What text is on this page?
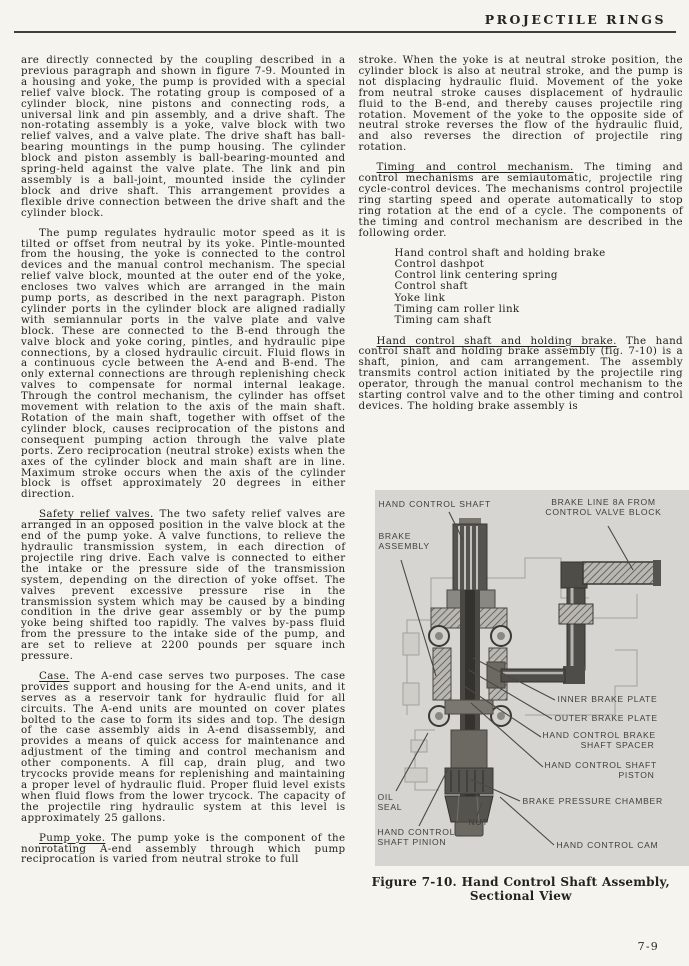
PROJECTILE RINGS

are directly connected by the coupling described in a previous paragraph and shown in figure 7-9. Mounted in a housing and yoke, the pump is provided with a special relief valve block. The rotating group is composed of a cylinder block, nine pistons and connecting rods, a universal link and pin assembly, and a drive shaft. The non-rotating assembly is a yoke, valve block with two relief valves, and a valve plate. The drive shaft has ball-bearing mountings in the pump housing. The cylinder block and piston assembly is ball-bearing-mounted and spring-held against the valve plate. The link and pin assembly is a ball-joint, mounted inside the cylinder block and drive shaft. This arrangement provides a flexible drive connection between the drive shaft and the cylinder block.

The pump regulates hydraulic motor speed as it is tilted or offset from neutral by its yoke. Pintle-mounted from the housing, the yoke is connected to the control devices and the manual control mechanism. The special relief valve block, mounted at the outer end of the yoke, encloses two valves which are arranged in the main pump ports, as described in the next paragraph. Piston cylinder ports in the cylinder block are aligned radially with semiannular ports in the valve plate and valve block. These are connected to the B-end through the valve block and yoke coring, pintles, and hydraulic pipe connections, by a closed hydraulic circuit. Fluid flows in a continuous cycle between the A-end and B-end. The only external connections are through replenishing check valves to compensate for normal internal leakage. Through the control mechanism, the cylinder has offset movement with relation to the axis of the main shaft. Rotation of the main shaft, together with offset of the cylinder block, causes reciprocation of the pistons and consequent pumping action through the valve plate ports. Zero reciprocation (neutral stroke) exists when the axes of the cylinder block and main shaft are in line. Maximum stroke occurs when the axis of the cylinder block is offset approximately 20 degrees in either direction.

Safety relief valves. The two safety relief valves are arranged in an opposed position in the valve block at the end of the pump yoke. A valve functions, to relieve the hydraulic transmission system, in each direction of projectile ring drive. Each valve is connected to either the intake or the pressure side of the transmission system, depending on the direction of yoke offset. The valves prevent excessive pressure rise in the transmission system which may be caused by a binding condition in the drive gear assembly or by the pump yoke being shifted too rapidly. The valves by-pass fluid from the pressure to the intake side of the pump, and are set to relieve at 2200 pounds per square inch pressure.

Case. The A-end case serves two purposes. The case provides support and housing for the A-end units, and it serves as a reservoir tank for hydraulic fluid for all circuits. The A-end units are mounted on cover plates bolted to the case to form its sides and top. The design of the case assembly aids in A-end disassembly, and provides a means of quick access for maintenance and adjustment of the timing and control mechanism and other components. A fill cap, drain plug, and two trycocks provide means for replenishing and maintaining a proper level of hydraulic fluid. Proper fluid level exists when fluid flows from the lower trycock. The capacity of the projectile ring hydraulic system at this level is approximately 25 gallons.

Pump yoke. The pump yoke is the component of the nonrotating A-end assembly through which pump reciprocation is varied from neutral stroke to full

stroke. When the yoke is at neutral stroke position, the cylinder block is also at neutral stroke, and the pump is not displacing hydraulic fluid. Movement of the yoke from neutral stroke causes displacement of hydraulic fluid to the B-end, and thereby causes projectile ring rotation. Movement of the yoke to the opposite side of neutral stroke reverses the flow of the hydraulic fluid, and also reverses the direction of projectile ring rotation.

Timing and control mechanism. The timing and control mechanisms are semiautomatic, projectile ring cycle-control devices. The mechanisms control projectile ring starting speed and operate automatically to stop ring rotation at the end of a cycle. The components of the timing and control mechanism are described in the following order.

Hand control shaft and holding brake
Control dashpot
Control link centering spring
Control shaft
Yoke link
Timing cam roller link
Timing cam shaft

Hand control shaft and holding brake. The hand control shaft and holding brake assembly (fig. 7-10) is a shaft, pinion, and cam arrangement. The assembly transmits control action initiated by the projectile ring operator, through the manual control mechanism to the starting control valve and to the other timing and control devices. The holding brake assembly is

HAND CONTROL SHAFT	BRAKE LINE 8A FROM
CONTROL VALVE BLOCK
BRAKE
ASSEMBLY
INNER BRAKE PLATE
OUTER BRAKE PLATE
HAND CONTROL BRAKE
SHAFT SPACER
HAND CONTROL SHAFT
PISTON
BRAKE PRESSURE CHAMBER
OIL
SEAL
NUT
HAND CONTROL
SHAFT PINION	HAND CONTROL CAM
Figure 7-10. Hand Control Shaft Assembly,
Sectional View
7-9
